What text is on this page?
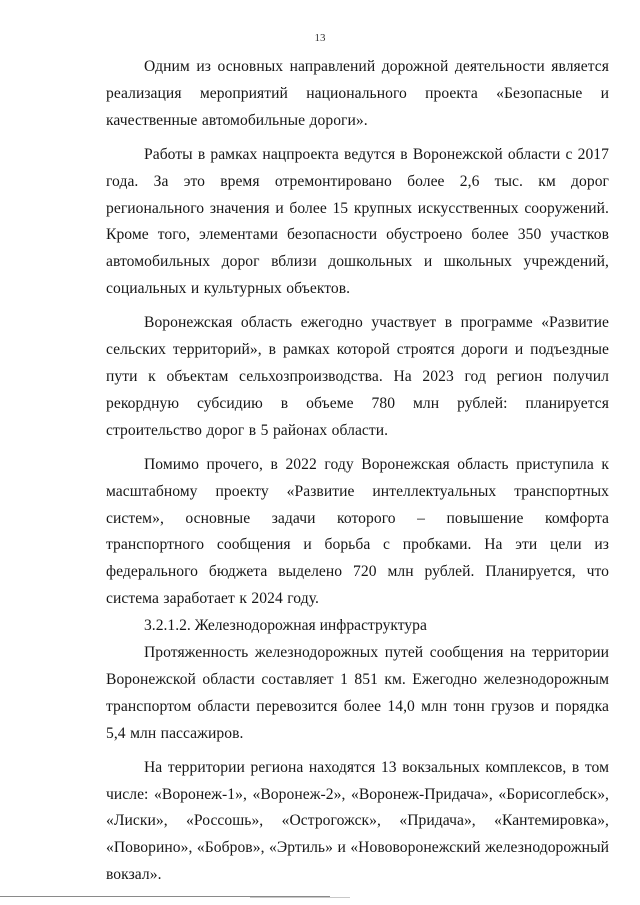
13

Одним из основных направлений дорожной деятельности является реализация мероприятий национального проекта «Безопасные и качественные автомобильные дороги».

Работы в рамках нацпроекта ведутся в Воронежской области с 2017 года. За это время отремонтировано более 2,6 тыс. км дорог регионального значения и более 15 крупных искусственных сооружений. Кроме того, элементами безопасности обустроено более 350 участков автомобильных дорог вблизи дошкольных и школьных учреждений, социальных и культурных объектов.

Воронежская область ежегодно участвует в программе «Развитие сельских территорий», в рамках которой строятся дороги и подъездные пути к объектам сельхозпроизводства. На 2023 год регион получил рекордную субсидию в объеме 780 млн рублей: планируется строительство дорог в 5 районах области.

Помимо прочего, в 2022 году Воронежская область приступила к масштабному проекту «Развитие интеллектуальных транспортных систем», основные задачи которого – повышение комфорта транспортного сообщения и борьба с пробками. На эти цели из федерального бюджета выделено 720 млн рублей. Планируется, что система заработает к 2024 году.

3.2.1.2. Железнодорожная инфраструктура

Протяженность железнодорожных путей сообщения на территории Воронежской области составляет 1 851 км. Ежегодно железнодорожным транспортом области перевозится более 14,0 млн тонн грузов и порядка 5,4 млн пассажиров.

На территории региона находятся 13 вокзальных комплексов, в том числе: «Воронеж-1», «Воронеж-2», «Воронеж-Придача», «Борисоглебск», «Лиски», «Россошь», «Острогожск», «Придача», «Кантемировка», «Поворино», «Бобров», «Эртиль» и «Нововоронежский железнодорожный вокзал».
